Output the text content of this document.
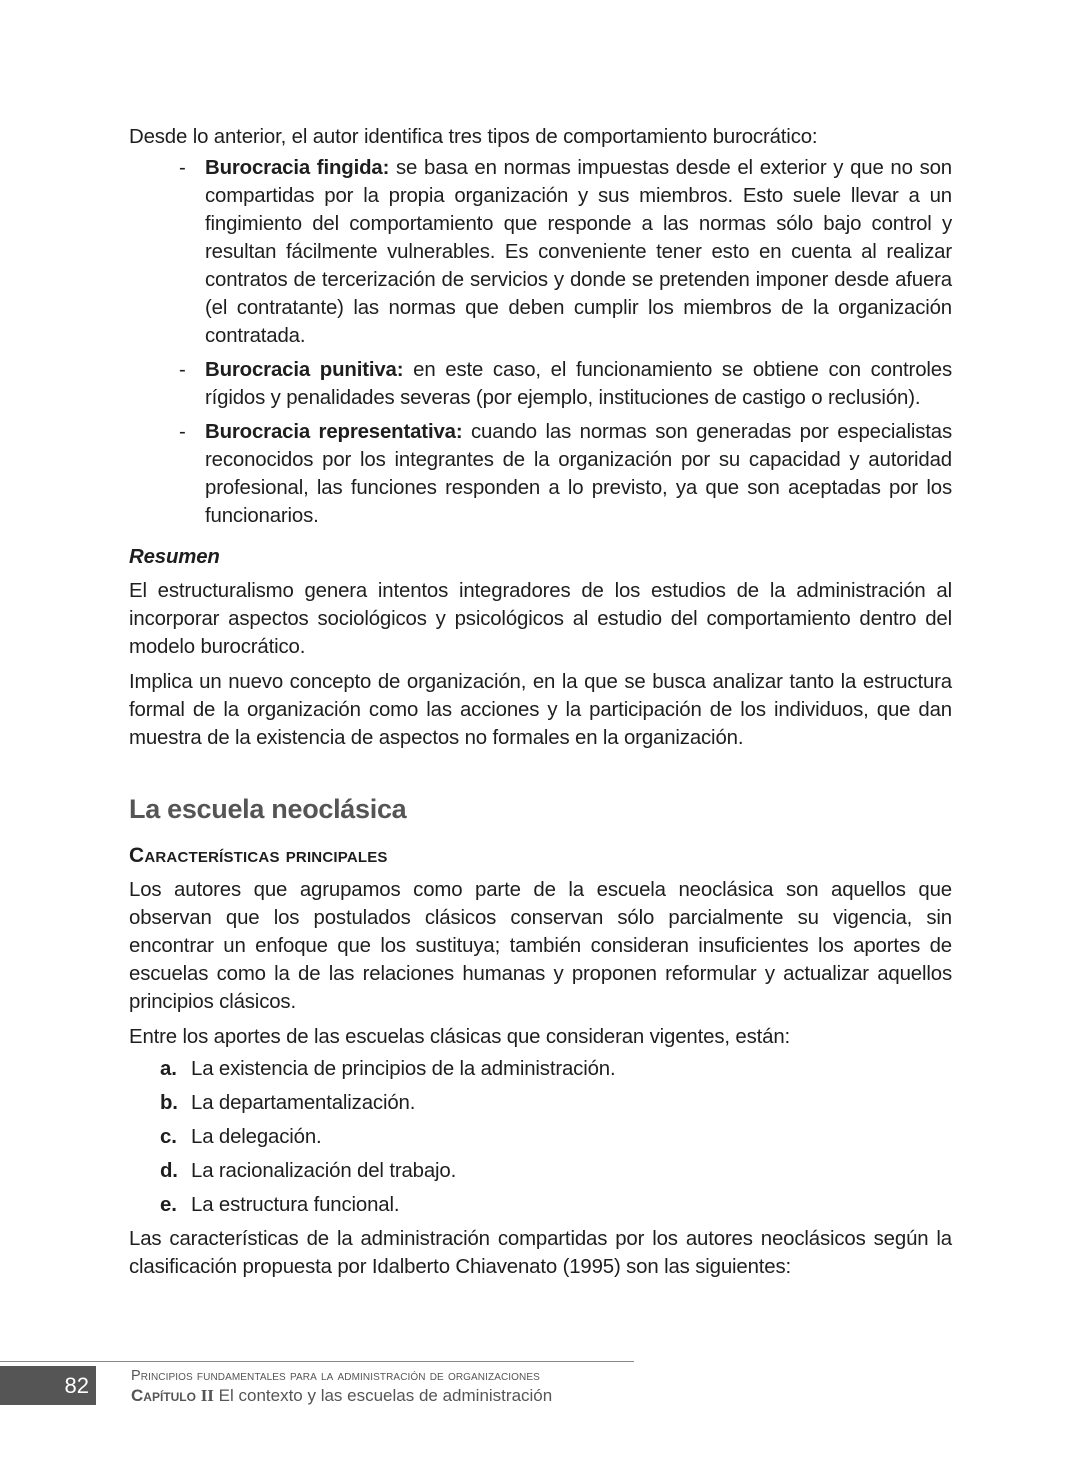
Desde lo anterior, el autor identifica tres tipos de comportamiento burocrático:

- Burocracia fingida: se basa en normas impuestas desde el exterior y que no son compartidas por la propia organización y sus miembros. Esto suele llevar a un fingimiento del comportamiento que responde a las normas sólo bajo control y resultan fácilmente vulnerables. Es conveniente tener esto en cuenta al realizar contratos de tercerización de servicios y donde se pretenden imponer desde afuera (el contratante) las normas que deben cumplir los miembros de la organización contratada.
- Burocracia punitiva: en este caso, el funcionamiento se obtiene con controles rígidos y penalidades severas (por ejemplo, instituciones de castigo o reclusión).
- Burocracia representativa: cuando las normas son generadas por especialistas reconocidos por los integrantes de la organización por su capacidad y autoridad profesional, las funciones responden a lo previsto, ya que son aceptadas por los funcionarios.
Resumen

El estructuralismo genera intentos integradores de los estudios de la administración al incorporar aspectos sociológicos y psicológicos al estudio del comportamiento dentro del modelo burocrático.

Implica un nuevo concepto de organización, en la que se busca analizar tanto la estructura formal de la organización como las acciones y la participación de los individuos, que dan muestra de la existencia de aspectos no formales en la organización.

La escuela neoclásica
Características principales

Los autores que agrupamos como parte de la escuela neoclásica son aquellos que observan que los postulados clásicos conservan sólo parcialmente su vigencia, sin encontrar un enfoque que los sustituya; también consideran insuficientes los aportes de escuelas como la de las relaciones humanas y proponen reformular y actualizar aquellos principios clásicos.

Entre los aportes de las escuelas clásicas que consideran vigentes, están:

a. La existencia de principios de la administración.
b. La departamentalización.
c. La delegación.
d. La racionalización del trabajo.
e. La estructura funcional.

Las características de la administración compartidas por los autores neoclásicos según la clasificación propuesta por Idalberto Chiavenato (1995) son las siguientes:

82	Principios fundamentales para la administración de organizaciones
Capítulo II El contexto y las escuelas de administración
